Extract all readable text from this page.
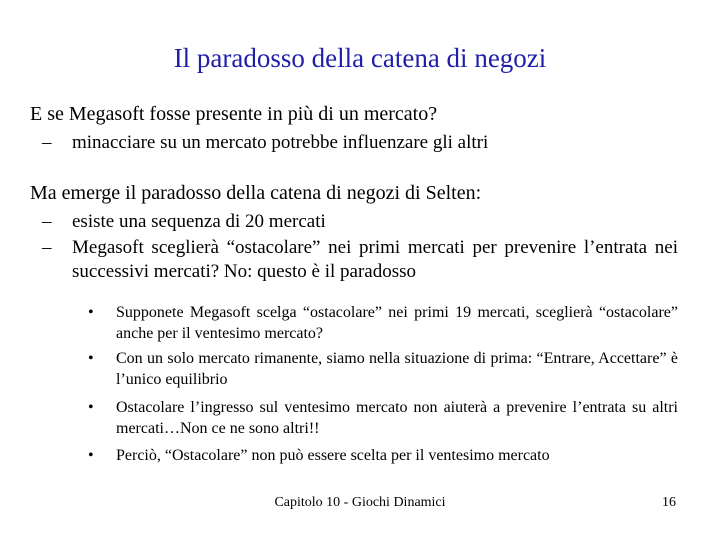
Il paradosso della catena di negozi
E se Megasoft fosse presente in più di un mercato?
– minacciare su un mercato potrebbe influenzare gli altri
Ma emerge il paradosso della catena di negozi di Selten:
– esiste una sequenza di 20 mercati
– Megasoft sceglierà “ostacolare” nei primi mercati per prevenire l’entrata nei successivi mercati? No: questo è il paradosso
• Supponete Megasoft scelga “ostacolare” nei primi 19 mercati, sceglierà “ostacolare” anche per il ventesimo mercato?
• Con un solo mercato rimanente, siamo nella situazione di prima: “Entrare, Accettare” è l’unico equilibrio
• Ostacolare l’ingresso sul ventesimo mercato non aiuterà a prevenire l’entrata su altri mercati…Non ce ne sono altri!!
• Perciò, “Ostacolare” non può essere scelta per il ventesimo mercato
Capitolo 10 - Giochi Dinamici	16
